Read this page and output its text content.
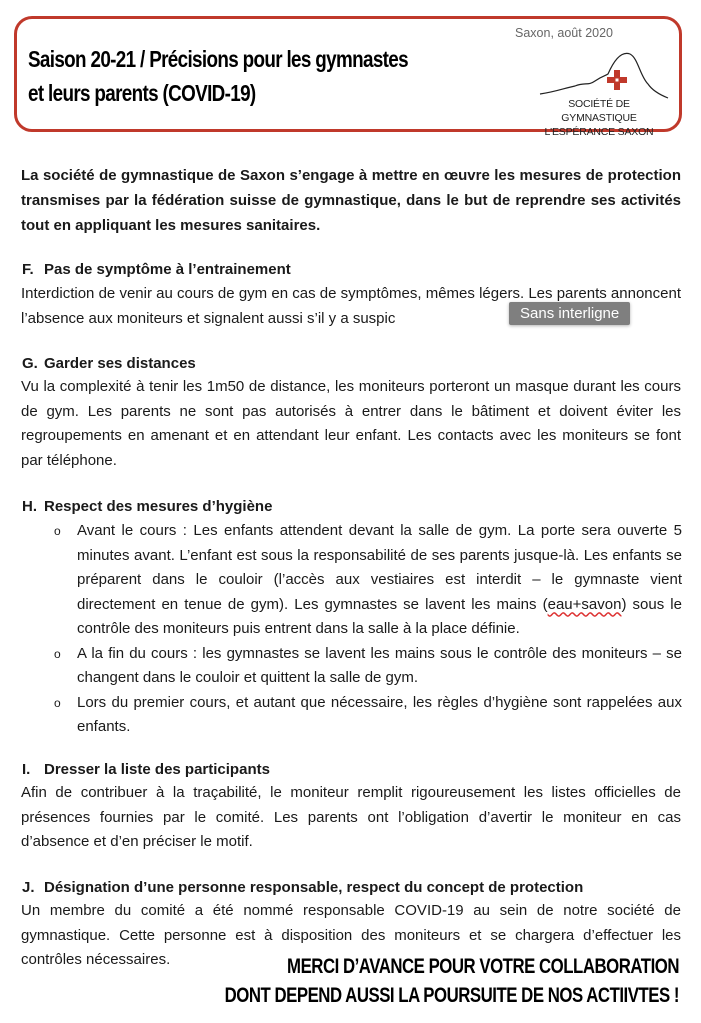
Saison 20-21 / Précisions pour les gymnastes
et leurs parents (COVID-19)
Saxon, août 2020
SOCIÉTÉ DE GYMNASTIQUE
L'ESPÉRANCE SAXON
La société de gymnastique de Saxon s’engage à mettre en œuvre les mesures de protection transmises par la fédération suisse de gymnastique, dans le but de reprendre ses activités tout en appliquant les mesures sanitaires.
F. Pas de symptôme à l’entrainement
Interdiction de venir au cours de gym en cas de symptômes, mêmes légers. Les parents annoncent l’absence aux moniteurs et signalent aussi s’il y a suspic	Sans interligne
G. Garder ses distances
Vu la complexité à tenir les 1m50 de distance, les moniteurs porteront un masque durant les cours de gym. Les parents ne sont pas autorisés à entrer dans le bâtiment et doivent éviter les regroupements en amenant et en attendant leur enfant. Les contacts avec les moniteurs se font par téléphone.
H. Respect des mesures d’hygiène
o Avant le cours : Les enfants attendent devant la salle de gym. La porte sera ouverte 5 minutes avant. L’enfant est sous la responsabilité de ses parents jusque-là. Les enfants se préparent dans le couloir (l’accès aux vestiaires est interdit – le gymnaste vient directement en tenue de gym). Les gymnastes se lavent les mains (eau+savon) sous le contrôle des moniteurs puis entrent dans la salle à la place définie.
o A la fin du cours : les gymnastes se lavent les mains sous le contrôle des moniteurs – se changent dans le couloir et quittent la salle de gym.
o Lors du premier cours, et autant que nécessaire, les règles d’hygiène sont rappelées aux enfants.
I. Dresser la liste des participants
Afin de contribuer à la traçabilité, le moniteur remplit rigoureusement les listes officielles de présences fournies par le comité. Les parents ont l’obligation d’avertir le moniteur en cas d’absence et d’en préciser le motif.
J. Désignation d’une personne responsable, respect du concept de protection
Un membre du comité a été nommé responsable COVID-19 au sein de notre société de gymnastique. Cette personne est à disposition des moniteurs et se chargera d’effectuer les contrôles nécessaires.	MERCI D’AVANCE POUR VOTRE COLLABORATION
DONT DEPEND AUSSI LA POURSUITE DE NOS ACTIIVTES !
